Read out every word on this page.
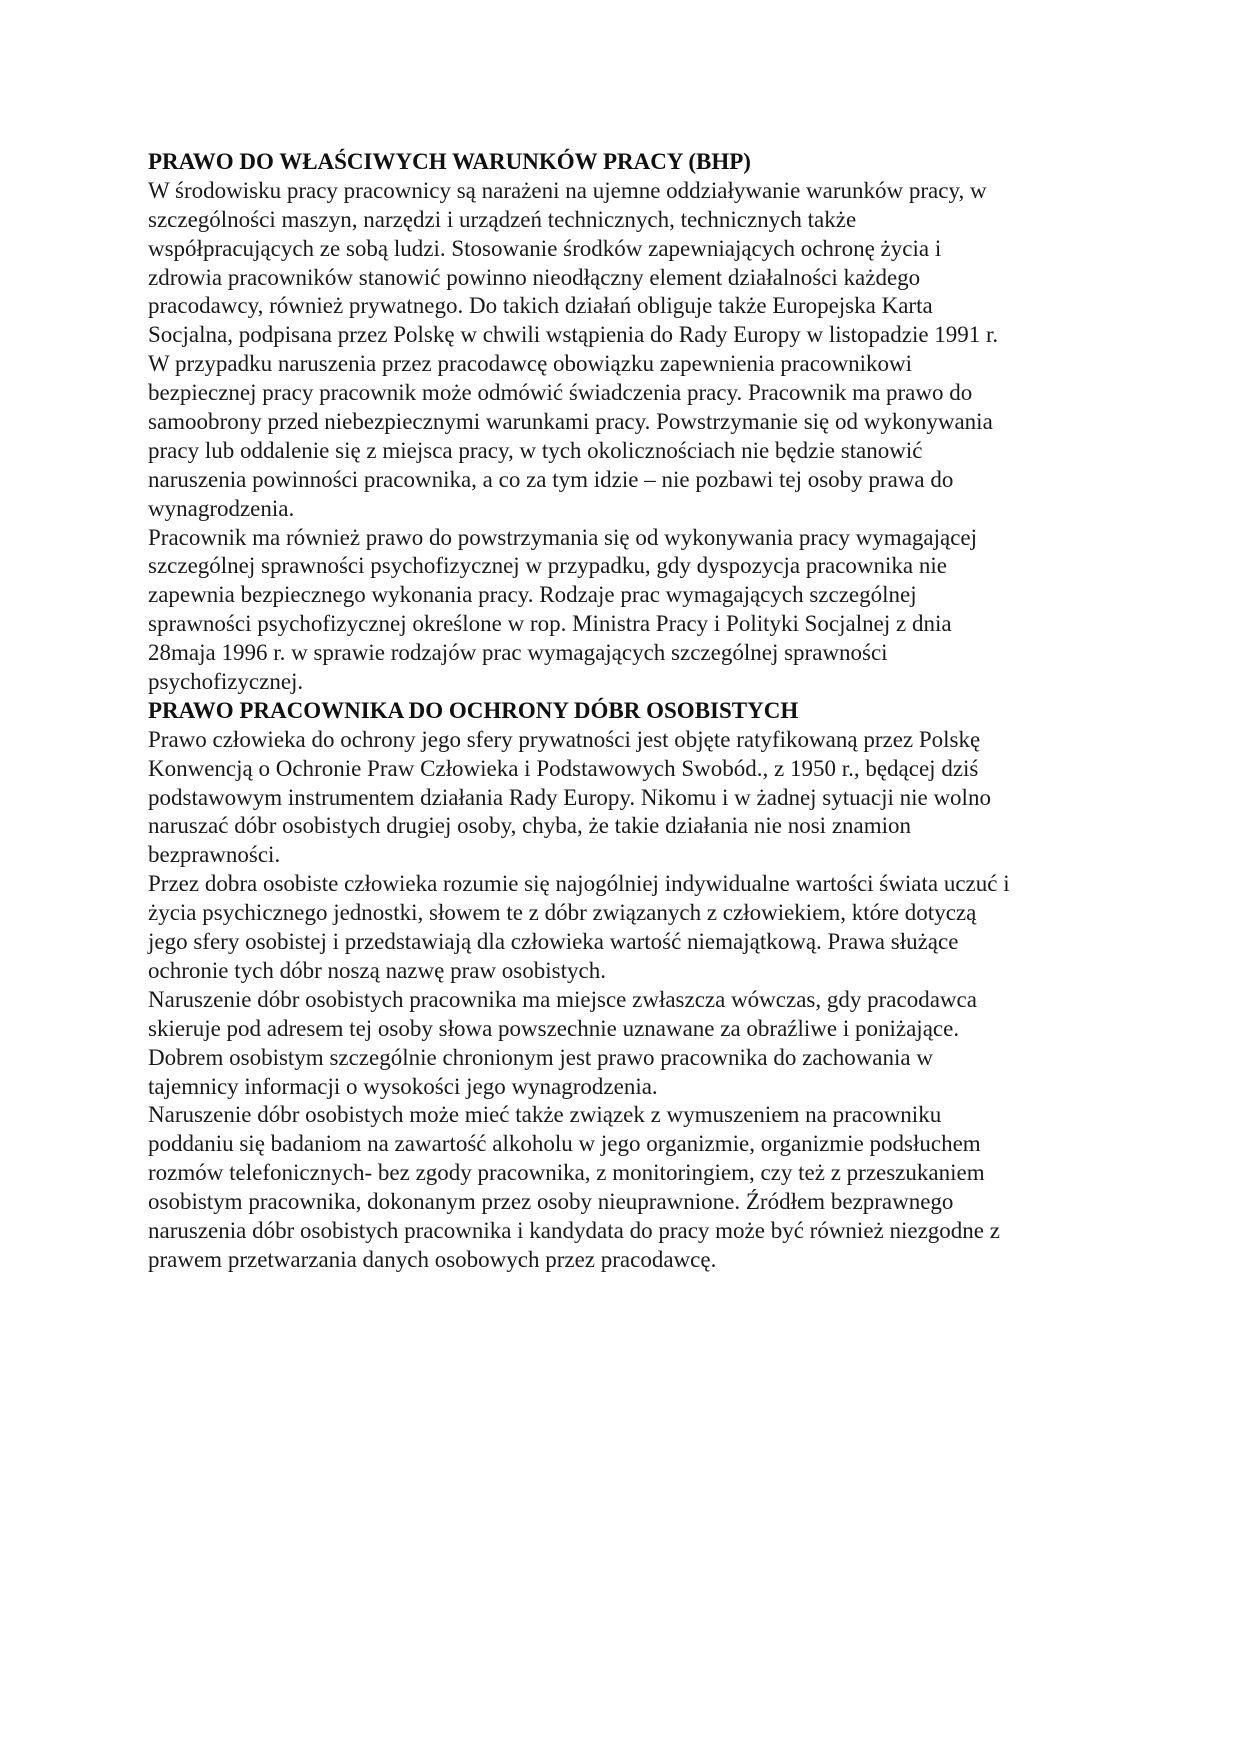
PRAWO DO WŁAŚCIWYCH WARUNKÓW PRACY (BHP)
W środowisku pracy pracownicy są narażeni na ujemne oddziaływanie warunków pracy, w
szczególności maszyn, narzędzi i urządzeń technicznych, technicznych także
współpracujących ze sobą ludzi. Stosowanie środków zapewniających ochronę życia i
zdrowia pracowników stanowić powinno nieodłączny element działalności każdego
pracodawcy, również prywatnego. Do takich działań obliguje także Europejska Karta
Socjalna, podpisana przez Polskę w chwili wstąpienia do Rady Europy w listopadzie 1991 r.
W przypadku naruszenia przez pracodawcę obowiązku zapewnienia pracownikowi
bezpiecznej pracy pracownik może odmówić świadczenia pracy. Pracownik ma prawo do
samoobrony przed niebezpiecznymi warunkami pracy. Powstrzymanie się od wykonywania
pracy lub oddalenie się z miejsca pracy, w tych okolicznościach nie będzie stanowić
naruszenia powinności pracownika, a co za tym idzie – nie pozbawi tej osoby prawa do
wynagrodzenia.
Pracownik ma również prawo do powstrzymania się od wykonywania pracy wymagającej
szczególnej sprawności psychofizycznej w przypadku, gdy dyspozycja pracownika nie
zapewnia bezpiecznego wykonania pracy. Rodzaje prac wymagających szczególnej
sprawności psychofizycznej określone w rop. Ministra Pracy i Polityki Socjalnej z dnia
28maja 1996 r. w sprawie rodzajów prac wymagających szczególnej sprawności
psychofizycznej.
PRAWO PRACOWNIKA DO OCHRONY DÓBR OSOBISTYCH
Prawo człowieka do ochrony jego sfery prywatności jest objęte ratyfikowaną przez Polskę
Konwencją o Ochronie Praw Człowieka i Podstawowych Swobód., z 1950 r., będącej dziś
podstawowym instrumentem działania Rady Europy. Nikomu i w żadnej sytuacji nie wolno
naruszać dóbr osobistych drugiej osoby, chyba, że takie działania nie nosi znamion
bezprawności.
Przez dobra osobiste człowieka rozumie się najogólniej indywidualne wartości świata uczuć i
życia psychicznego jednostki, słowem te z dóbr związanych z człowiekiem, które dotyczą
jego sfery osobistej i przedstawiają dla człowieka wartość niemajątkową. Prawa służące
ochronie tych dóbr noszą nazwę praw osobistych.
Naruszenie dóbr osobistych pracownika ma miejsce zwłaszcza wówczas, gdy pracodawca
skieruje pod adresem tej osoby słowa powszechnie uznawane za obraźliwe i poniżające.
Dobrem osobistym szczególnie chronionym jest prawo pracownika do zachowania w
tajemnicy informacji o wysokości jego wynagrodzenia.
Naruszenie dóbr osobistych może mieć także związek z wymuszeniem na pracowniku
poddaniu się badaniom na zawartość alkoholu w jego organizmie, organizmie podsłuchem
rozmów telefonicznych- bez zgody pracownika, z monitoringiem, czy też z przeszukaniem
osobistym pracownika, dokonanym przez osoby nieuprawnione. Źródłem bezprawnego
naruszenia dóbr osobistych pracownika i kandydata do pracy może być również niezgodne z
prawem przetwarzania danych osobowych przez pracodawcę.
